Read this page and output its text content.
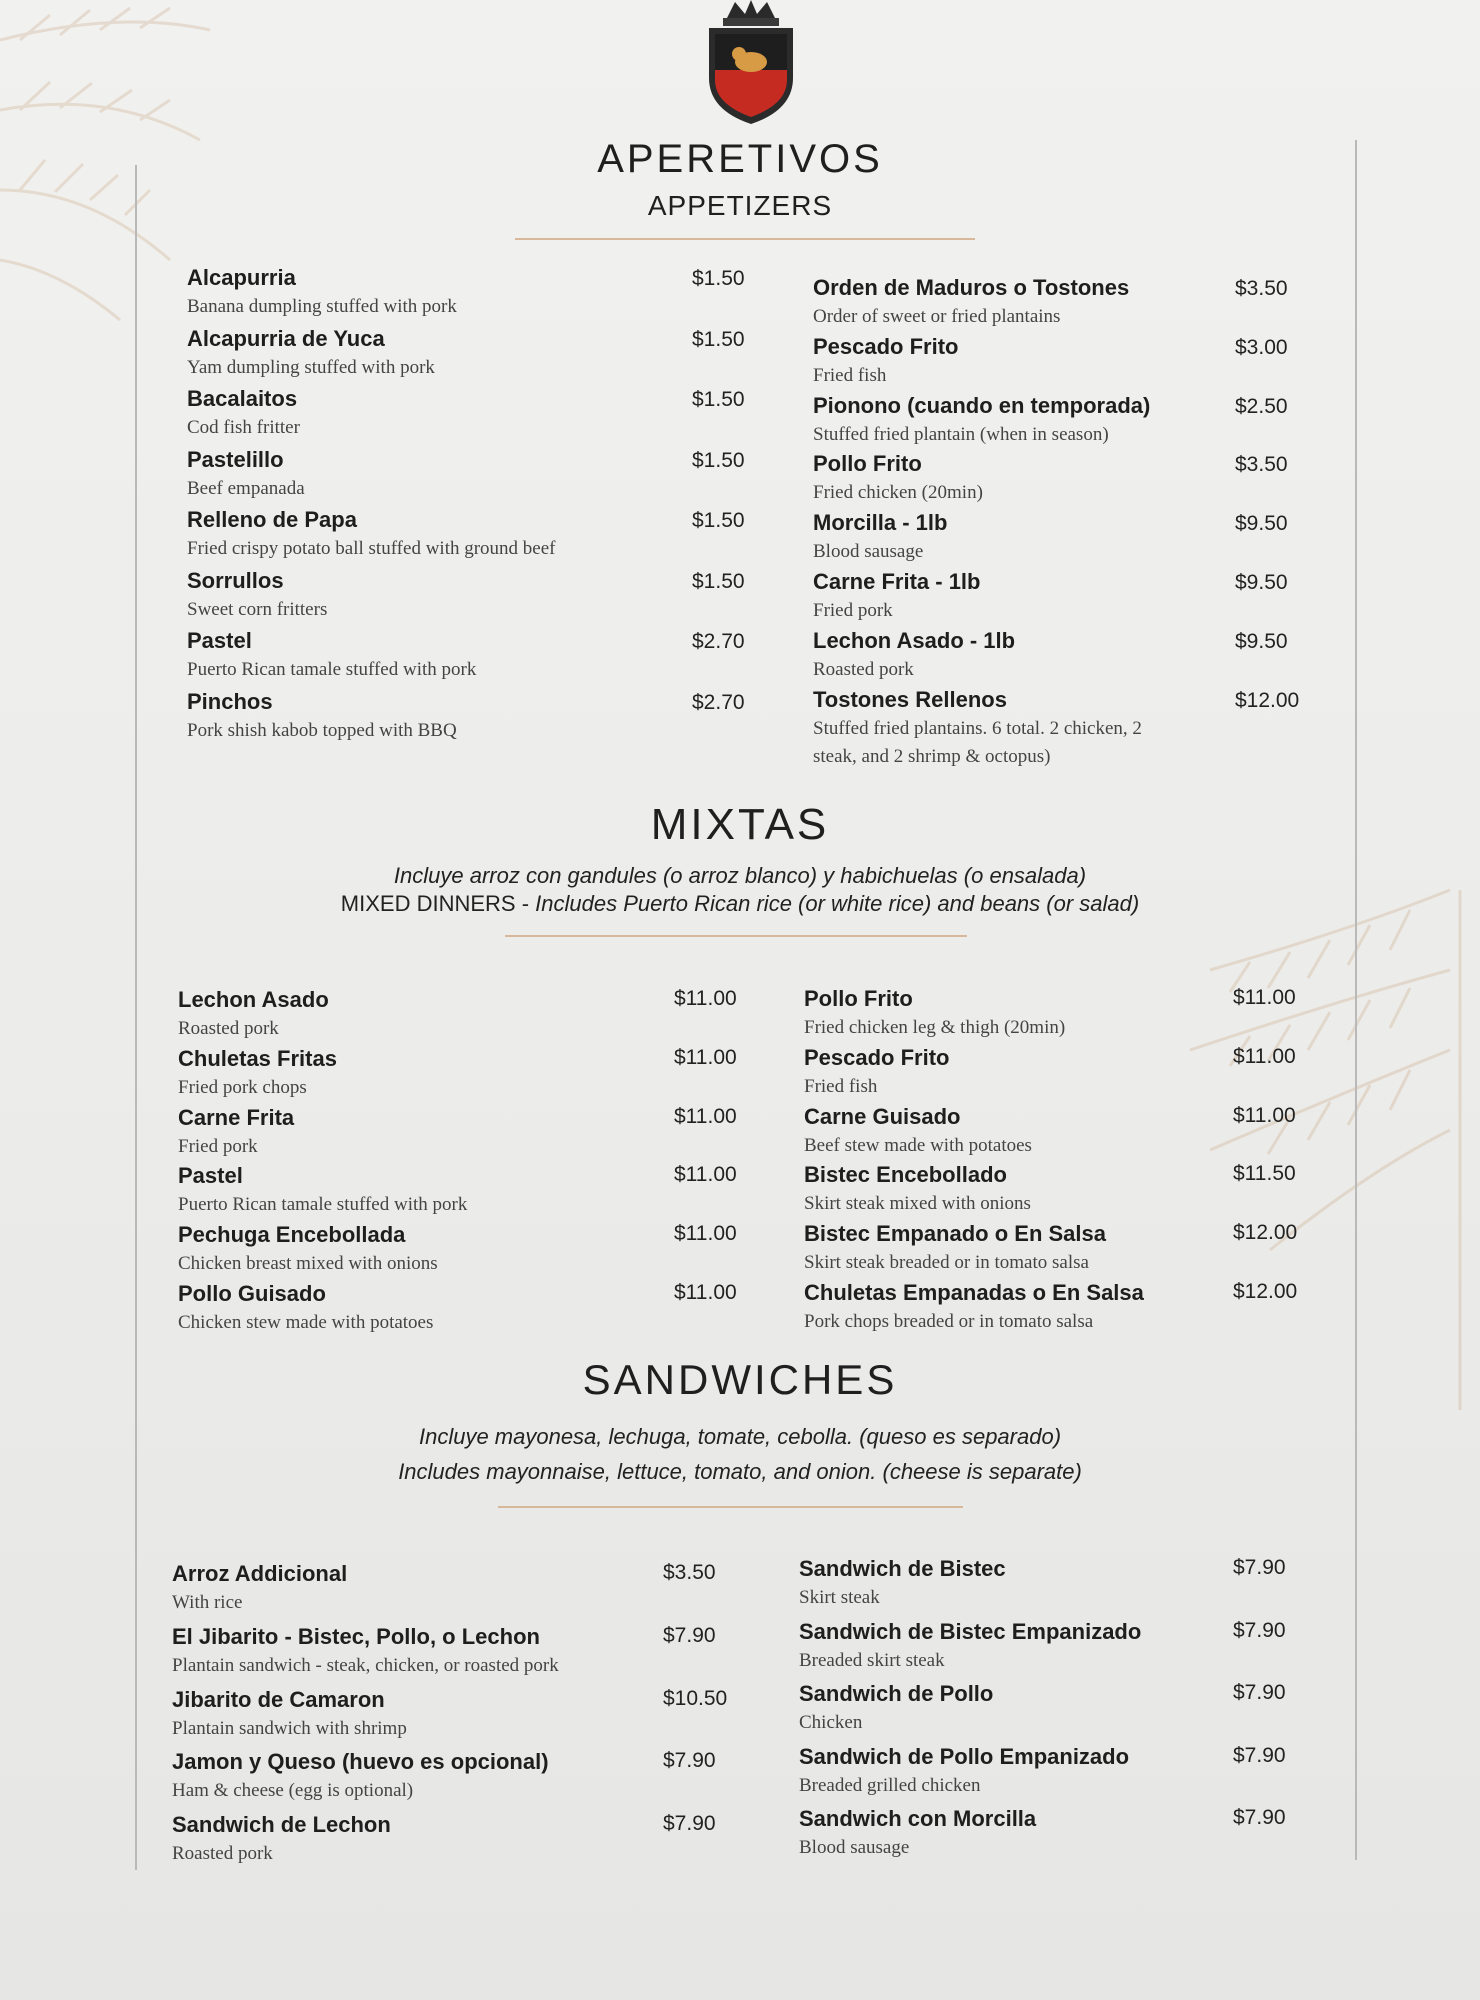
APERETIVOS
APPETIZERS
Alcapurria
Banana dumpling stuffed with pork
$1.50
Alcapurria de Yuca
Yam dumpling stuffed with pork
$1.50
Bacalaitos
Cod fish fritter
$1.50
Pastelillo
Beef empanada
$1.50
Relleno de Papa
Fried crispy potato ball stuffed with ground beef
$1.50
Sorrullos
Sweet corn fritters
$1.50
Pastel
Puerto Rican tamale stuffed with pork
$2.70
Pinchos
Pork shish kabob topped with BBQ
$2.70
Orden de Maduros o Tostones
Order of sweet or fried plantains
$3.50
Pescado Frito
Fried fish
$3.00
Pionono (cuando en temporada)
Stuffed fried plantain (when in season)
$2.50
Pollo Frito
Fried chicken (20min)
$3.50
Morcilla - 1lb
Blood sausage
$9.50
Carne Frita - 1lb
Fried pork
$9.50
Lechon Asado - 1lb
Roasted pork
$9.50
Tostones Rellenos
Stuffed fried plantains. 6 total. 2 chicken, 2
steak, and 2 shrimp & octopus)
$12.00
MIXTAS
Incluye arroz con gandules (o arroz blanco) y habichuelas (o ensalada)
MIXED DINNERS - Includes Puerto Rican rice (or white rice) and beans (or salad)
Lechon Asado
Roasted pork
$11.00
Chuletas Fritas
Fried pork chops
$11.00
Carne Frita
Fried pork
$11.00
Pastel
Puerto Rican tamale stuffed with pork
$11.00
Pechuga Encebollada
Chicken breast mixed with onions
$11.00
Pollo Guisado
Chicken stew made with potatoes
$11.00
Pollo Frito
Fried chicken leg & thigh (20min)
$11.00
Pescado Frito
Fried fish
$11.00
Carne Guisado
Beef stew made with potatoes
$11.00
Bistec Encebollado
Skirt steak mixed with onions
$11.50
Bistec Empanado o En Salsa
Skirt steak breaded or in tomato salsa
$12.00
Chuletas Empanadas o En Salsa
Pork chops breaded or in tomato salsa
$12.00
SANDWICHES
Incluye mayonesa, lechuga, tomate, cebolla. (queso es separado)
Includes mayonnaise, lettuce, tomato, and onion. (cheese is separate)
Arroz Addicional
With rice
$3.50
El Jibarito - Bistec, Pollo, o Lechon
Plantain sandwich - steak, chicken, or roasted pork
$7.90
Jibarito de Camaron
Plantain sandwich with shrimp
$10.50
Jamon y Queso (huevo es opcional)
Ham & cheese (egg is optional)
$7.90
Sandwich de Lechon
Roasted pork
$7.90
Sandwich de Bistec
Skirt steak
$7.90
Sandwich de Bistec Empanizado
Breaded skirt steak
$7.90
Sandwich de Pollo
Chicken
$7.90
Sandwich de Pollo Empanizado
Breaded grilled chicken
$7.90
Sandwich con Morcilla
Blood sausage
$7.90
